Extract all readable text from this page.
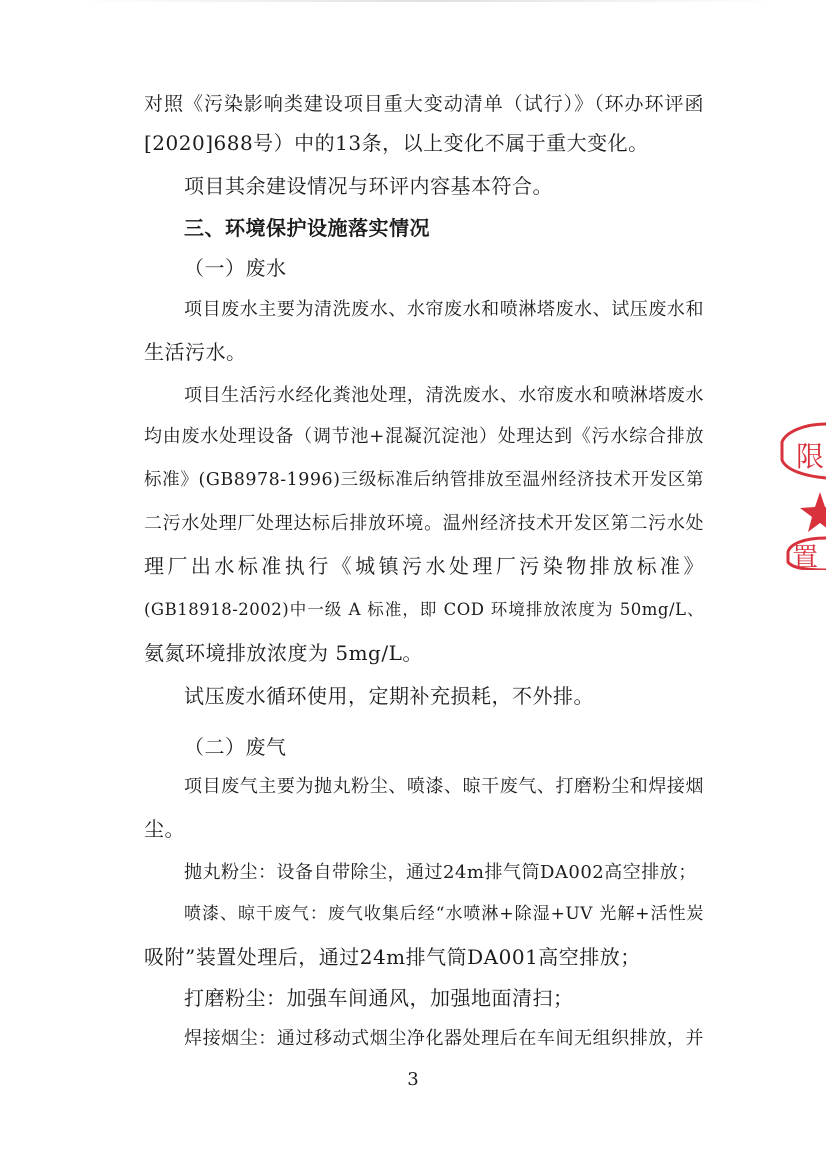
对照《污染影响类建设项目重大变动清单（试行）》（环办环评函
[2020]688号）中的13条，以上变化不属于重大变化。
项目其余建设情况与环评内容基本符合。
三、环境保护设施落实情况
（一）废水
项目废水主要为清洗废水、水帘废水和喷淋塔废水、试压废水和
生活污水。
项目生活污水经化粪池处理，清洗废水、水帘废水和喷淋塔废水
均由废水处理设备（调节池+混凝沉淀池）处理达到《污水综合排放
标准》(GB8978-1996)三级标准后纳管排放至温州经济技术开发区第
二污水处理厂处理达标后排放环境。温州经济技术开发区第二污水处
理厂出水标准执行《城镇污水处理厂污染物排放标准》
(GB18918-2002)中一级 A 标准，即 COD 环境排放浓度为 50mg/L、
氨氮环境排放浓度为 5mg/L。
试压废水循环使用，定期补充损耗，不外排。
（二）废气
项目废气主要为抛丸粉尘、喷漆、晾干废气、打磨粉尘和焊接烟
尘。
抛丸粉尘：设备自带除尘，通过24m排气筒DA002高空排放；
喷漆、晾干废气：废气收集后经“水喷淋+除湿+UV 光解+活性炭
吸附”装置处理后，通过24m排气筒DA001高空排放；
打磨粉尘：加强车间通风，加强地面清扫；
焊接烟尘：通过移动式烟尘净化器处理后在车间无组织排放，并
3
限
置
